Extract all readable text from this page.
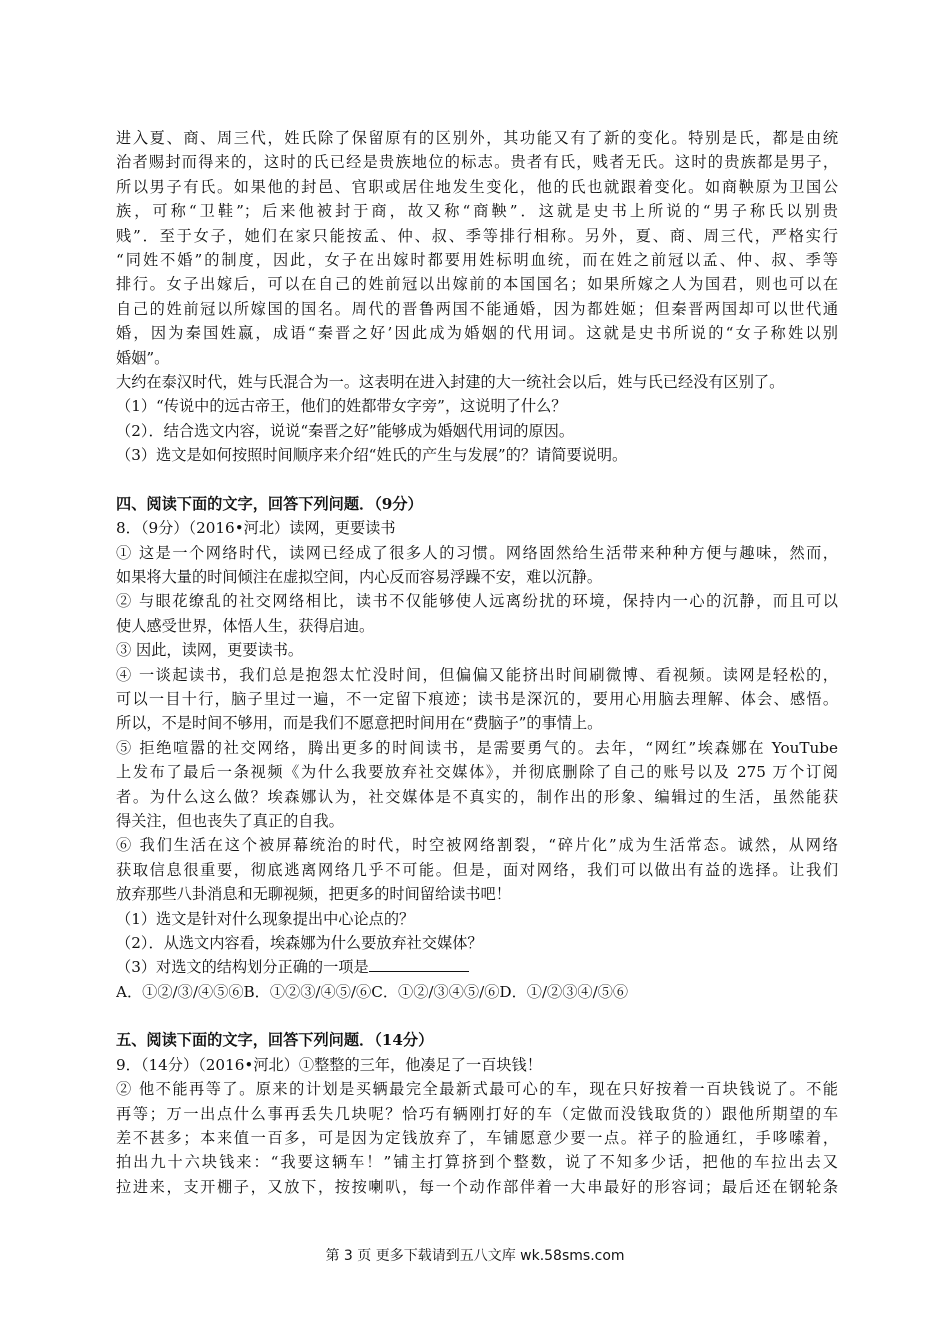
进入夏、商、周三代，姓氏除了保留原有的区别外，其功能又有了新的变化。特别是氏，都是由统
治者赐封而得来的，这时的氏已经是贵族地位的标志。贵者有氏，贱者无氏。这时的贵族都是男子，
所以男子有氏。如果他的封邑、官职或居住地发生变化，他的氏也就跟着变化。如商鞅原为卫国公
族，可称“卫鞋”；后来他被封于商，故又称“商鞅”．这就是史书上所说的“男子称氏以别贵
贱”．至于女子，她们在家只能按孟、仲、叔、季等排行相称。另外，夏、商、周三代，严格实行
“同姓不婚”的制度，因此，女子在出嫁时都要用姓标明血统，而在姓之前冠以孟、仲、叔、季等
排行。女子出嫁后，可以在自己的姓前冠以出嫁前的本国国名；如果所嫁之人为国君，则也可以在
自己的姓前冠以所嫁国的国名。周代的晋鲁两国不能通婚，因为都姓姬；但秦晋两国却可以世代通
婚，因为秦国姓嬴，成语“秦晋之好’因此成为婚姻的代用词。这就是史书所说的“女子称姓以别
婚姻”。
大约在泰汉时代，姓与氏混合为一。这表明在进入封建的大一统社会以后，姓与氏已经没有区别了。
（1）“传说中的远古帝王，他们的姓都带女字旁”，这说明了什么？
（2）．结合选文内容，说说“秦晋之好”能够成为婚姻代用词的原因。
（3）选文是如何按照时间顺序来介绍“姓氏的产生与发展”的？请简要说明。
四、阅读下面的文字，回答下列问题．（9分）
8．（9分）（2016•河北）读网，更要读书
① 这是一个网络时代，读网已经成了很多人的习惯。网络固然给生活带来种种方便与趣味，然而，
如果将大量的时间倾注在虚拟空间，内心反而容易浮躁不安，难以沉静。
② 与眼花缭乱的社交网络相比，读书不仅能够使人远离纷扰的环境，保持内一心的沉静，而且可以
使人感受世界，体悟人生，获得启迪。
③ 因此，读网，更要读书。
④ 一谈起读书，我们总是抱怨太忙没时间，但偏偏又能挤出时间刷微博、看视频。读网是轻松的，
可以一目十行，脑子里过一遍，不一定留下痕迹；读书是深沉的，要用心用脑去理解、体会、感悟。
所以，不是时间不够用，而是我们不愿意把时间用在“费脑子”的事情上。
⑤ 拒绝喧嚣的社交网络，腾出更多的时间读书，是需要勇气的。去年，“网红”埃森娜在 YouTube
上发布了最后一条视频《为什么我要放弃社交媒体》，并彻底删除了自己的账号以及 275 万个订阅
者。为什么这么做？埃森娜认为，社交媒体是不真实的，制作出的形象、编辑过的生活，虽然能获
得关注，但也丧失了真正的自我。
⑥ 我们生活在这个被屏幕统治的时代，时空被网络割裂，“碎片化”成为生活常态。诚然，从网络
获取信息很重要，彻底逃离网络几乎不可能。但是，面对网络，我们可以做出有益的选择。让我们
放弃那些八卦消息和无聊视频，把更多的时间留给读书吧！
（1）选文是针对什么现象提出中心论点的？
（2）．从选文内容看，埃森娜为什么要放弃社交媒体？
（3）对选文的结构划分正确的一项是
A．①②/③/④⑤⑥B．①②③/④⑤/⑥C．①②/③④⑤/⑥D．①/②③④/⑤⑥
五、阅读下面的文字，回答下列问题．（14分）
9．（14分）（2016•河北）①整整的三年，他凑足了一百块钱！
② 他不能再等了。原来的计划是买辆最完全最新式最可心的车，现在只好按着一百块钱说了。不能
再等；万一出点什么事再丢失几块呢？恰巧有辆刚打好的车（定做而没钱取货的）跟他所期望的车
差不甚多；本来值一百多，可是因为定钱放弃了，车铺愿意少要一点。祥子的脸通红，手哆嗦着，
拍出九十六块钱来：“我要这辆车！”铺主打算挤到个整数，说了不知多少话，把他的车拉出去又
拉进来，支开棚子，又放下，按按喇叭，每一个动作部伴着一大串最好的形容词；最后还在钢轮条
第 3 页 更多下载请到五八文库 wk.58sms.com
